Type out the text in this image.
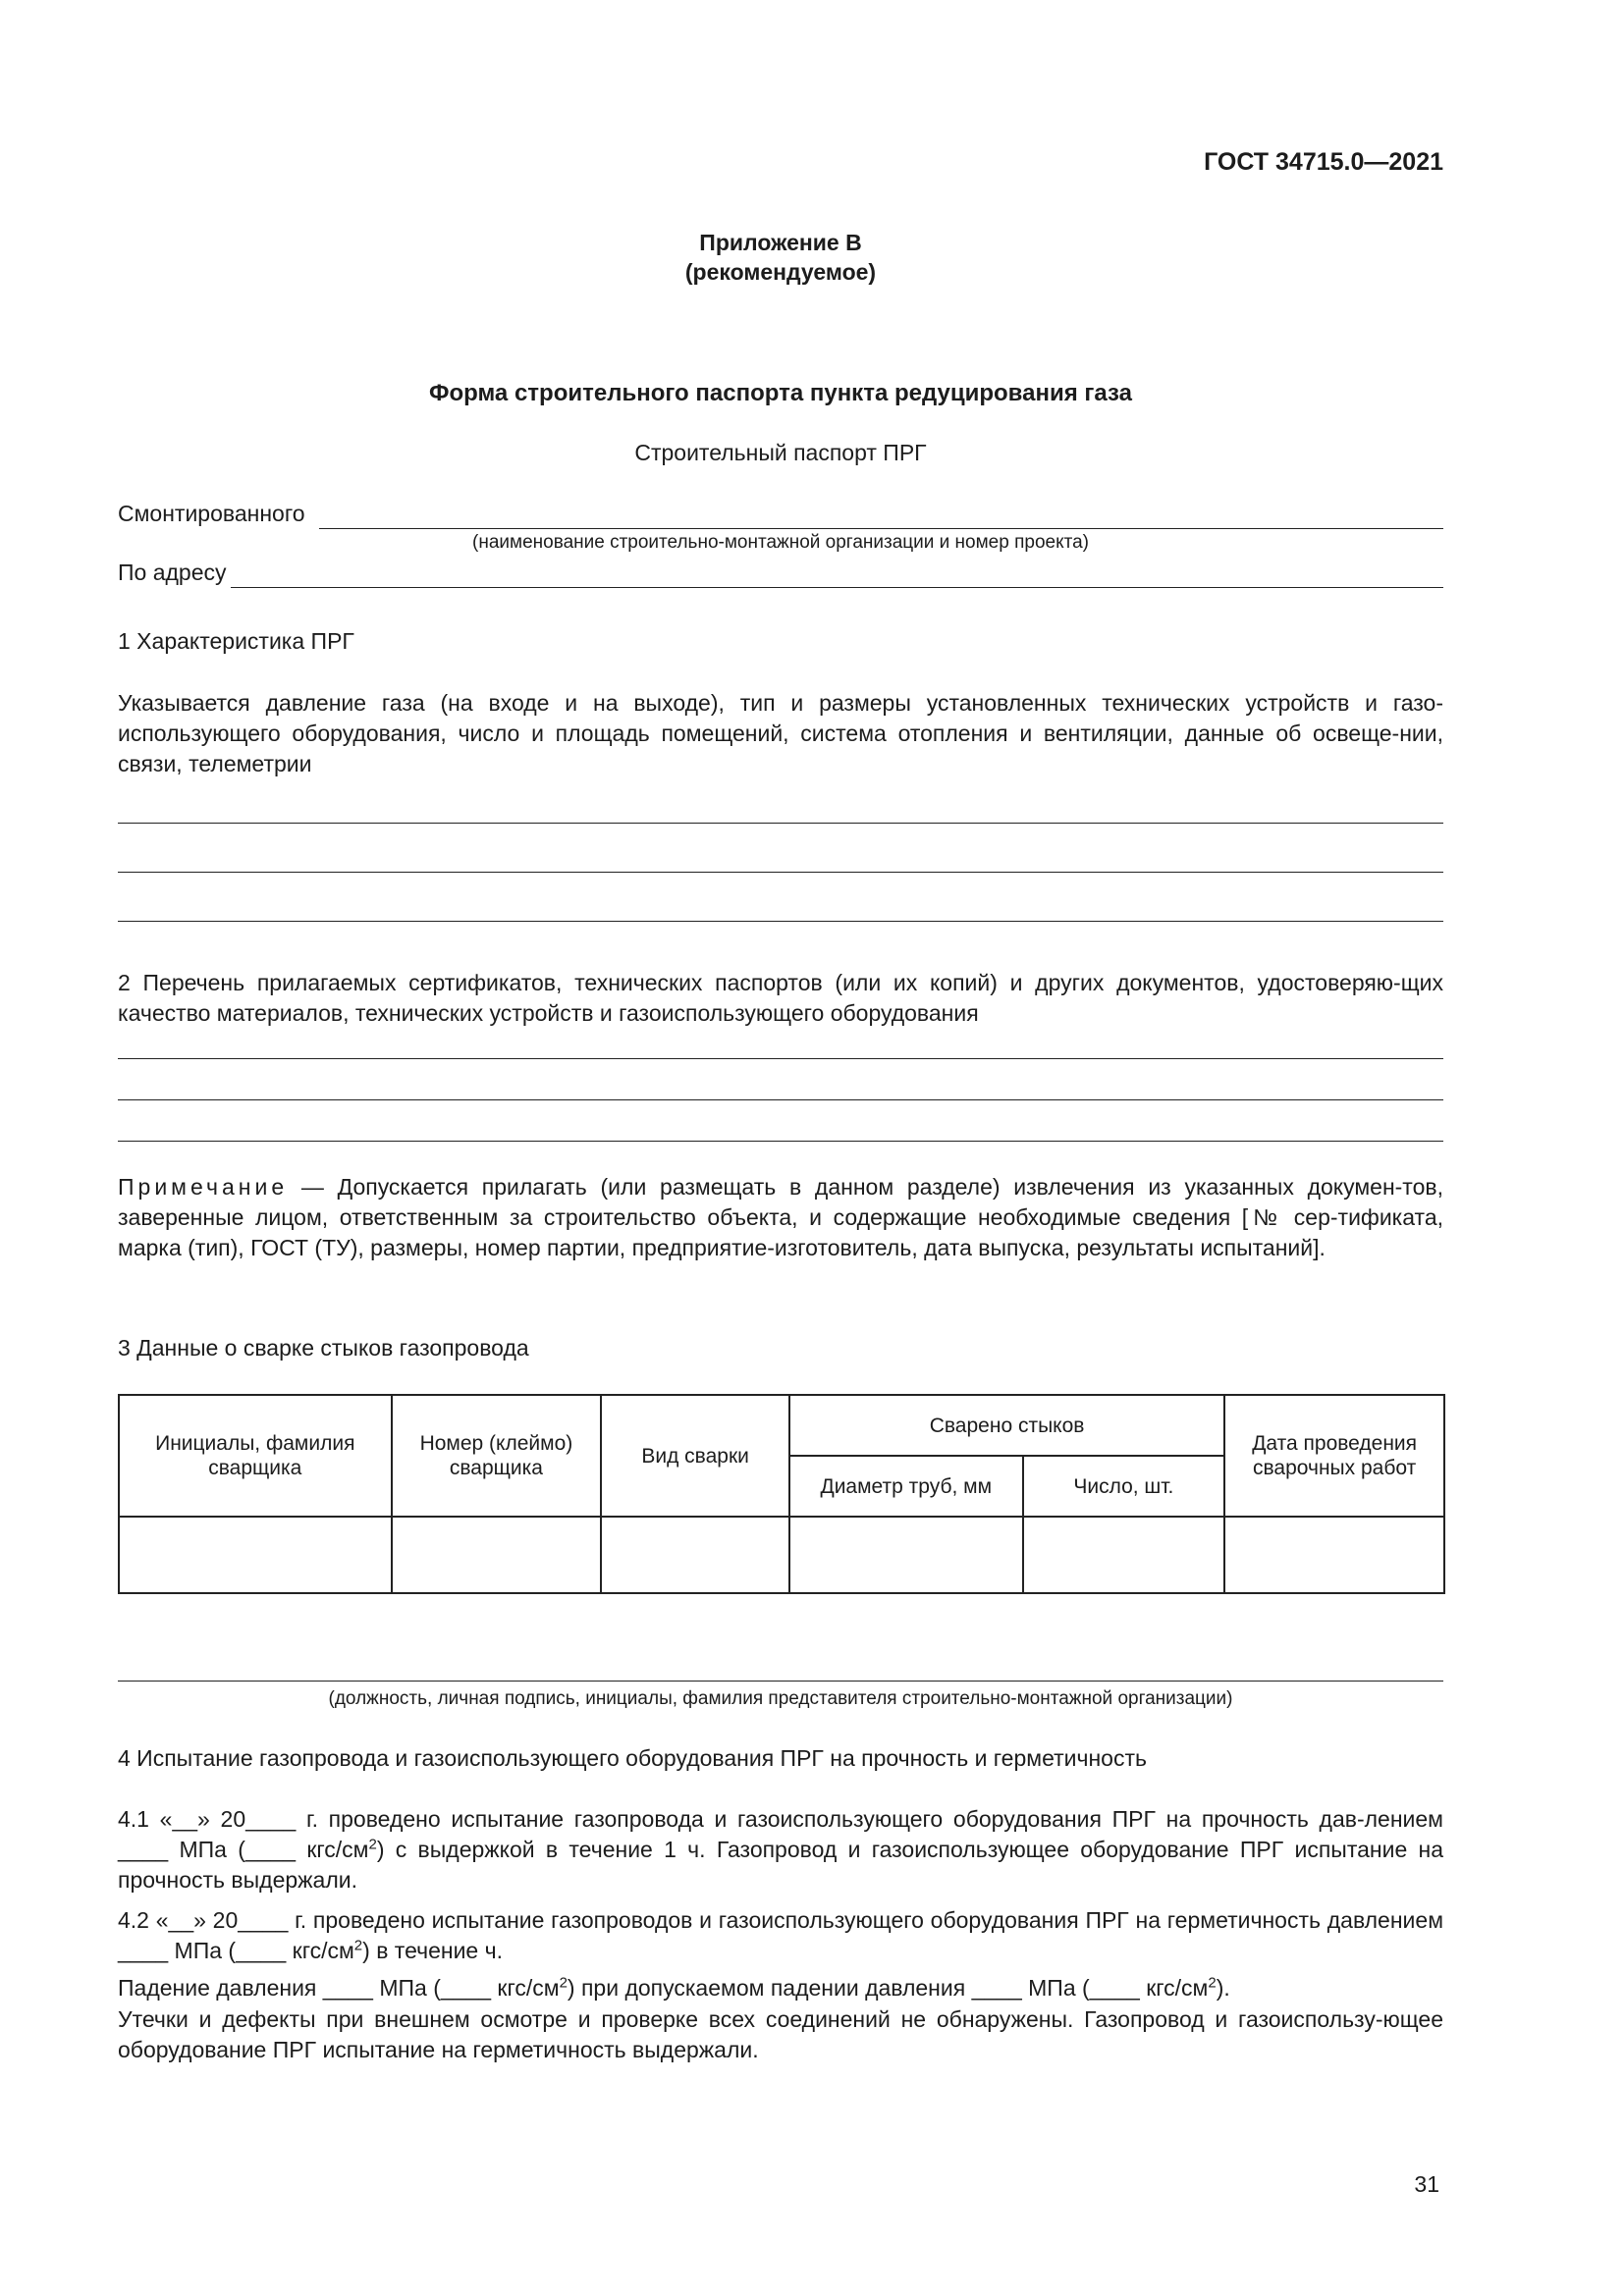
ГОСТ 34715.0—2021
Приложение В
(рекомендуемое)
Форма строительного паспорта пункта редуцирования газа
Строительный паспорт ПРГ
Смонтированного
(наименование строительно-монтажной организации и номер проекта)
По адресу
1 Характеристика ПРГ
Указывается давление газа (на входе и на выходе), тип и размеры установленных технических устройств и газо-использующего оборудования, число и площадь помещений, система отопления и вентиляции, данные об освеще-нии, связи, телеметрии
2 Перечень прилагаемых сертификатов, технических паспортов (или их копий) и других документов, удостоверяю-щих качество материалов, технических устройств и газоиспользующего оборудования
Примечание — Допускается прилагать (или размещать в данном разделе) извлечения из указанных докумен-тов, заверенные лицом, ответственным за строительство объекта, и содержащие необходимые сведения [№ сер-тификата, марка (тип), ГОСТ (ТУ), размеры, номер партии, предприятие-изготовитель, дата выпуска, результаты испытаний].
3 Данные о сварке стыков газопровода
Инициалы, фамилия сварщика	Номер (клеймо) сварщика	Вид сварки	Сварено стыков		Дата проведения сварочных работ
			Диаметр труб, мм	Число, шт.	

(должность, личная подпись, инициалы, фамилия представителя строительно-монтажной организации)
4 Испытание газопровода и газоиспользующего оборудования ПРГ на прочность и герметичность
4.1 «__» 20____ г. проведено испытание газопровода и газоиспользующего оборудования ПРГ на прочность дав-лением ____ МПа (____ кгс/$см^2$) с выдержкой в течение 1 ч. Газопровод и газоиспользующее оборудование ПРГ испытание на прочность выдержали.
4.2 «__» 20____ г. проведено испытание газопроводов и газоиспользующего оборудования ПРГ на герметичность давлением ____ МПа (____ кгс/$см^2$) в течение ч.
Падение давления ____ МПа (____ кгс/$см^2$) при допускаемом падении давления ____ МПа (____ кгс/$см^2$).
Утечки и дефекты при внешнем осмотре и проверке всех соединений не обнаружены. Газопровод и газоиспользу-ющее оборудование ПРГ испытание на герметичность выдержали.
31
